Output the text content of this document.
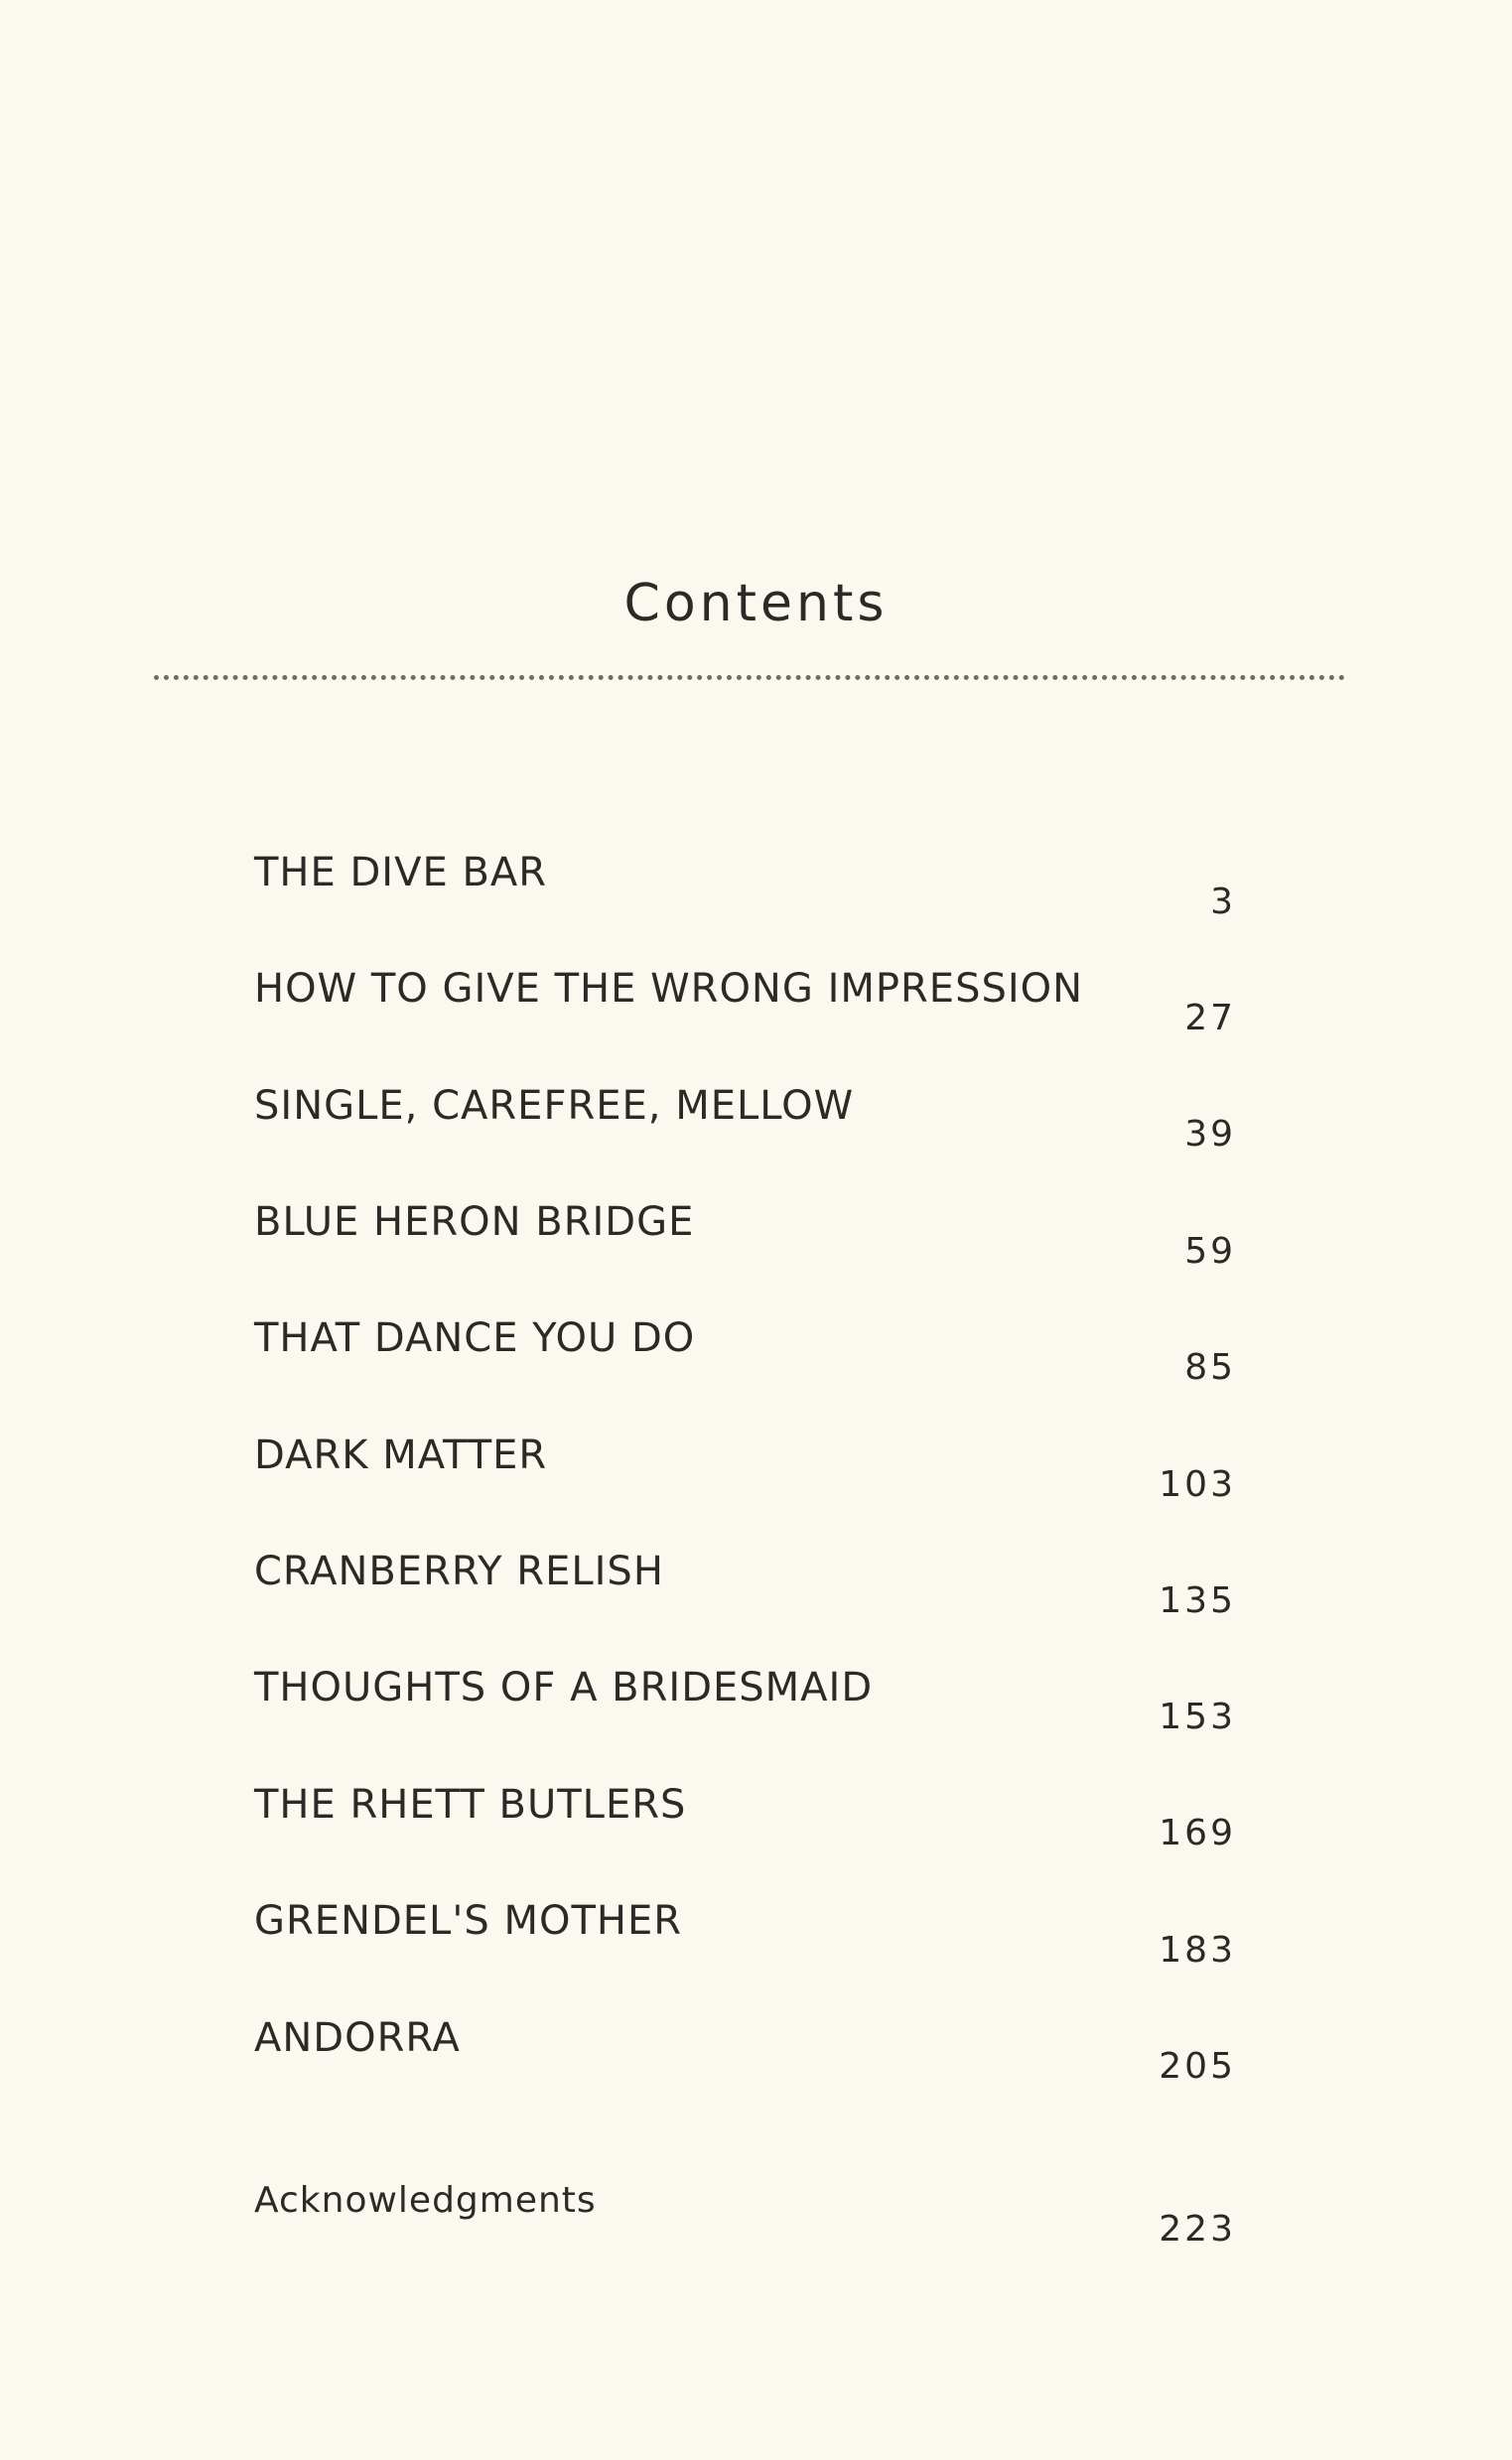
Contents
THE DIVE BAR
3
HOW TO GIVE THE WRONG IMPRESSION
27
SINGLE, CAREFREE, MELLOW
39
BLUE HERON BRIDGE
59
THAT DANCE YOU DO
85
DARK MATTER
103
CRANBERRY RELISH
135
THOUGHTS OF A BRIDESMAID
153
THE RHETT BUTLERS
169
GRENDEL'S MOTHER
183
ANDORRA
205
Acknowledgments
223
